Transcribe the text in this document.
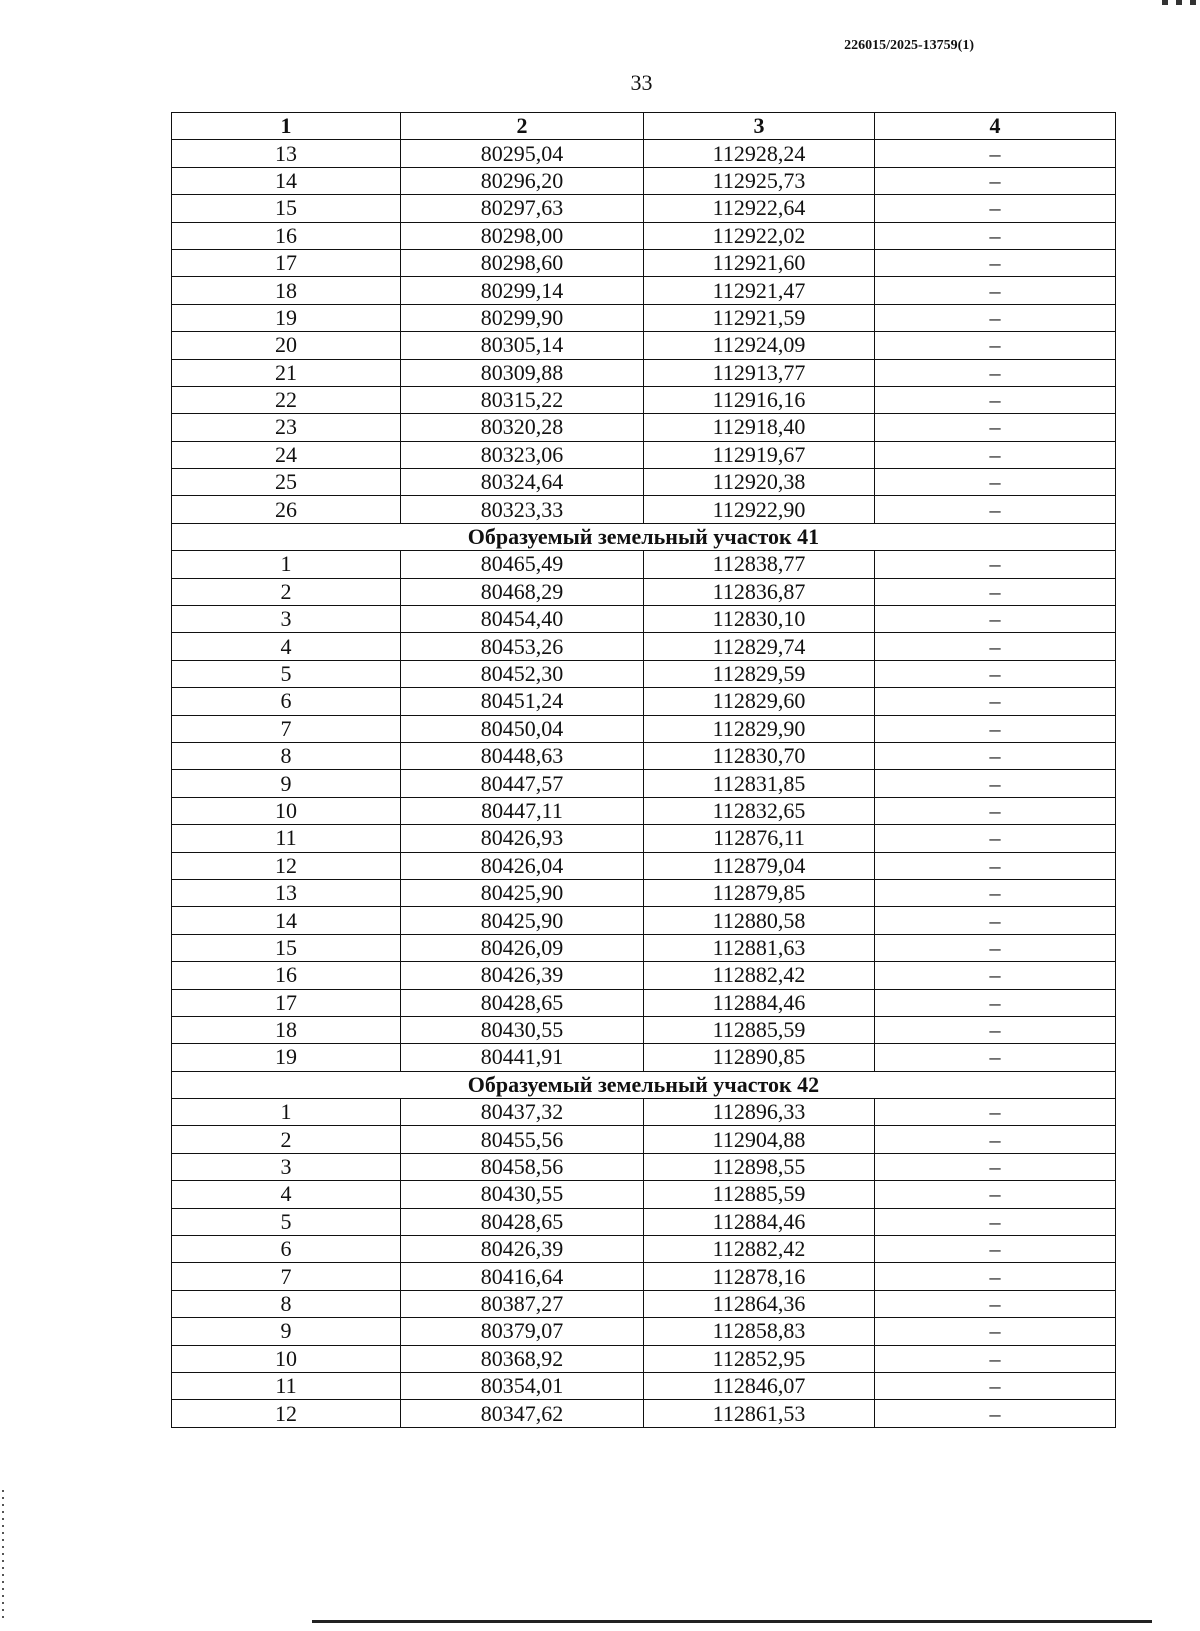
226015/2025-13759(1)
33
1	2	3	4
13	80295,04	112928,24	–
14	80296,20	112925,73	–
15	80297,63	112922,64	–
16	80298,00	112922,02	–
17	80298,60	112921,60	–
18	80299,14	112921,47	–
19	80299,90	112921,59	–
20	80305,14	112924,09	–
21	80309,88	112913,77	–
22	80315,22	112916,16	–
23	80320,28	112918,40	–
24	80323,06	112919,67	–
25	80324,64	112920,38	–
26	80323,33	112922,90	–
Образуемый земельный участок 41			
1	80465,49	112838,77	–
2	80468,29	112836,87	–
3	80454,40	112830,10	–
4	80453,26	112829,74	–
5	80452,30	112829,59	–
6	80451,24	112829,60	–
7	80450,04	112829,90	–
8	80448,63	112830,70	–
9	80447,57	112831,85	–
10	80447,11	112832,65	–
11	80426,93	112876,11	–
12	80426,04	112879,04	–
13	80425,90	112879,85	–
14	80425,90	112880,58	–
15	80426,09	112881,63	–
16	80426,39	112882,42	–
17	80428,65	112884,46	–
18	80430,55	112885,59	–
19	80441,91	112890,85	–
Образуемый земельный участок 42			
1	80437,32	112896,33	–
2	80455,56	112904,88	–
3	80458,56	112898,55	–
4	80430,55	112885,59	–
5	80428,65	112884,46	–
6	80426,39	112882,42	–
7	80416,64	112878,16	–
8	80387,27	112864,36	–
9	80379,07	112858,83	–
10	80368,92	112852,95	–
11	80354,01	112846,07	–
12	80347,62	112861,53	–
